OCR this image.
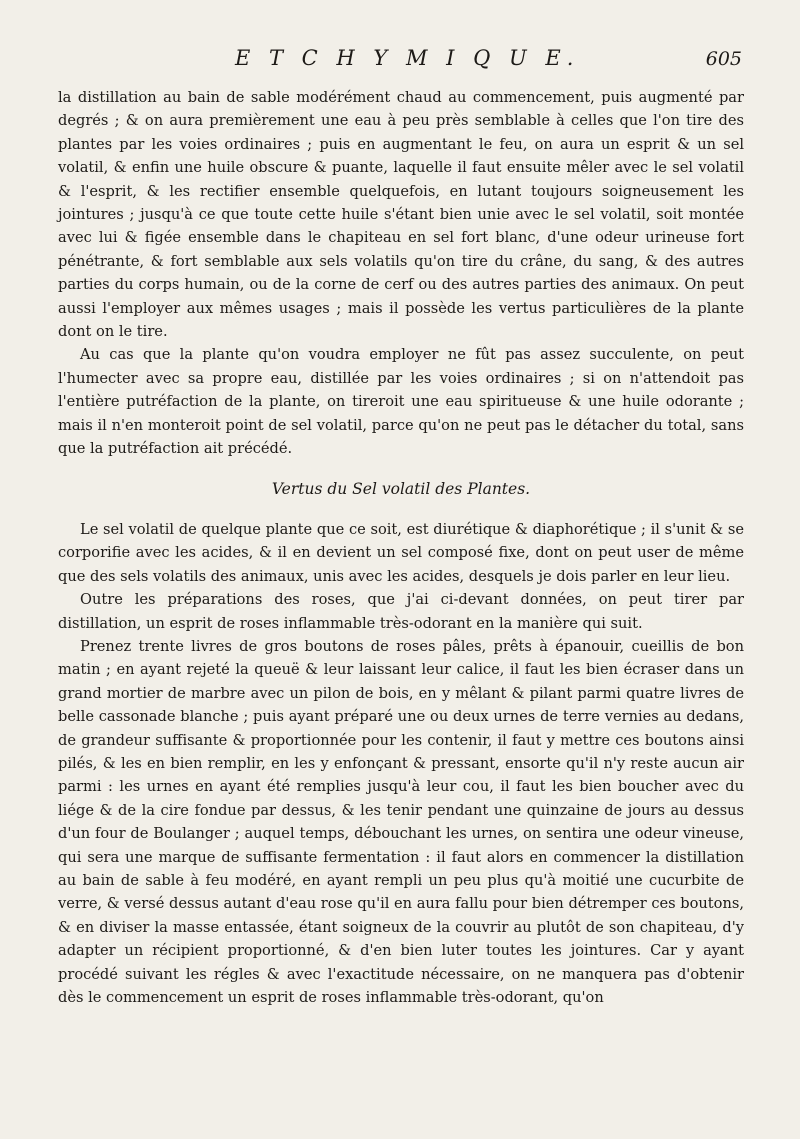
E T C H Y M I Q U E.	605

la distillation au bain de sable modérément chaud au commencement, puis augmenté par degrés ; & on aura premièrement une eau à peu près semblable à celles que l'on tire des plantes par les voies ordinaires ; puis en augmentant le feu, on aura un esprit & un sel volatil, & enfin une huile obscure & puante, laquelle il faut ensuite mêler avec le sel volatil & l'esprit, & les rectifier ensemble quelquefois, en lutant toujours soigneusement les jointures ; jusqu'à ce que toute cette huile s'étant bien unie avec le sel volatil, soit montée avec lui & figée ensemble dans le chapiteau en sel fort blanc, d'une odeur urineuse fort pénétrante, & fort semblable aux sels volatils qu'on tire du crâne, du sang, & des autres parties du corps humain, ou de la corne de cerf ou des autres parties des animaux. On peut aussi l'employer aux mêmes usages ; mais il possède les vertus particulières de la plante dont on le tire.

Au cas que la plante qu'on voudra employer ne fût pas assez succulente, on peut l'humecter avec sa propre eau, distillée par les voies ordinaires ; si on n'attendoit pas l'entière putréfaction de la plante, on tireroit une eau spiritueuse & une huile odorante ; mais il n'en monteroit point de sel volatil, parce qu'on ne peut pas le détacher du total, sans que la putréfaction ait précédé.

Vertus du Sel volatil des Plantes.

Le sel volatil de quelque plante que ce soit, est diurétique & diaphorétique ; il s'unit & se corporifie avec les acides, & il en devient un sel composé fixe, dont on peut user de même que des sels volatils des animaux, unis avec les acides, desquels je dois parler en leur lieu.

Outre les préparations des roses, que j'ai ci-devant données, on peut tirer par distillation, un esprit de roses inflammable très-odorant en la manière qui suit.

Prenez trente livres de gros boutons de roses pâles, prêts à épanouir, cueillis de bon matin ; en ayant rejeté la queuë & leur laissant leur calice, il faut les bien écraser dans un grand mortier de marbre avec un pilon de bois, en y mêlant & pilant parmi quatre livres de belle cassonade blanche ; puis ayant préparé une ou deux urnes de terre vernies au dedans, de grandeur suffisante & proportionnée pour les contenir, il faut y mettre ces boutons ainsi pilés, & les en bien remplir, en les y enfonçant & pressant, ensorte qu'il n'y reste aucun air parmi : les urnes en ayant été remplies jusqu'à leur cou, il faut les bien boucher avec du liége & de la cire fondue par dessus, & les tenir pendant une quinzaine de jours au dessus d'un four de Boulanger ; auquel temps, débouchant les urnes, on sentira une odeur vineuse, qui sera une marque de suffisante fermentation : il faut alors en commencer la distillation au bain de sable à feu modéré, en ayant rempli un peu plus qu'à moitié une cucurbite de verre, & versé dessus autant d'eau rose qu'il en aura fallu pour bien détremper ces boutons, & en diviser la masse entassée, étant soigneux de la couvrir au plutôt de son chapiteau, d'y adapter un récipient proportionné, & d'en bien luter toutes les jointures. Car y ayant procédé suivant les régles & avec l'exactitude nécessaire, on ne manquera pas d'obtenir dès le commencement un esprit de roses inflammable très-odorant, qu'on
